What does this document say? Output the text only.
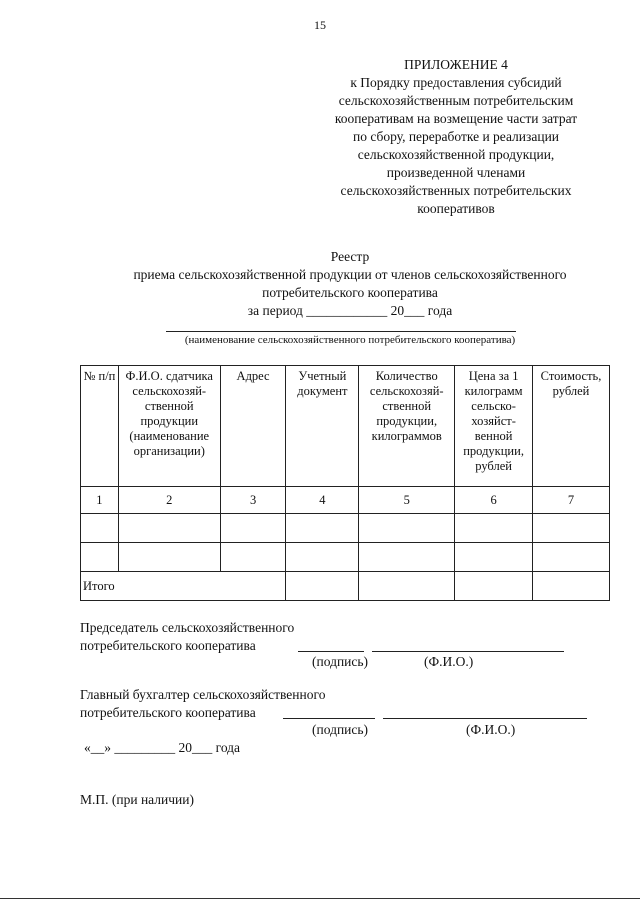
15
ПРИЛОЖЕНИЕ 4
к Порядку предоставления субсидий
сельскохозяйственным потребительским
кооперативам на возмещение части затрат
по сбору, переработке и реализации
сельскохозяйственной продукции,
произведенной членами
сельскохозяйственных потребительских
кооперативов
Реестр
приема сельскохозяйственной продукции от членов сельскохозяйственного
потребительского кооператива
за период ____________ 20___ года
(наименование сельскохозяйственного потребительского кооператива)
№ п/п	Ф.И.О. сдатчика сельскохозяй-ственной продукции (наименование организации)	Адрес	Учетный документ	Количество сельскохозяй-ственной продукции, килограммов	Цена за 1 килограмм сельско-хозяйст-венной продукции, рублей	Стоимость, рублей
1	2	3	4	5	6	7

Итого						
Председатель сельскохозяйственного
потребительского кооператива
(подпись)	(Ф.И.О.)
Главный бухгалтер сельскохозяйственного
потребительского кооператива
(подпись)	(Ф.И.О.)
«__» _________ 20___ года
М.П. (при наличии)
